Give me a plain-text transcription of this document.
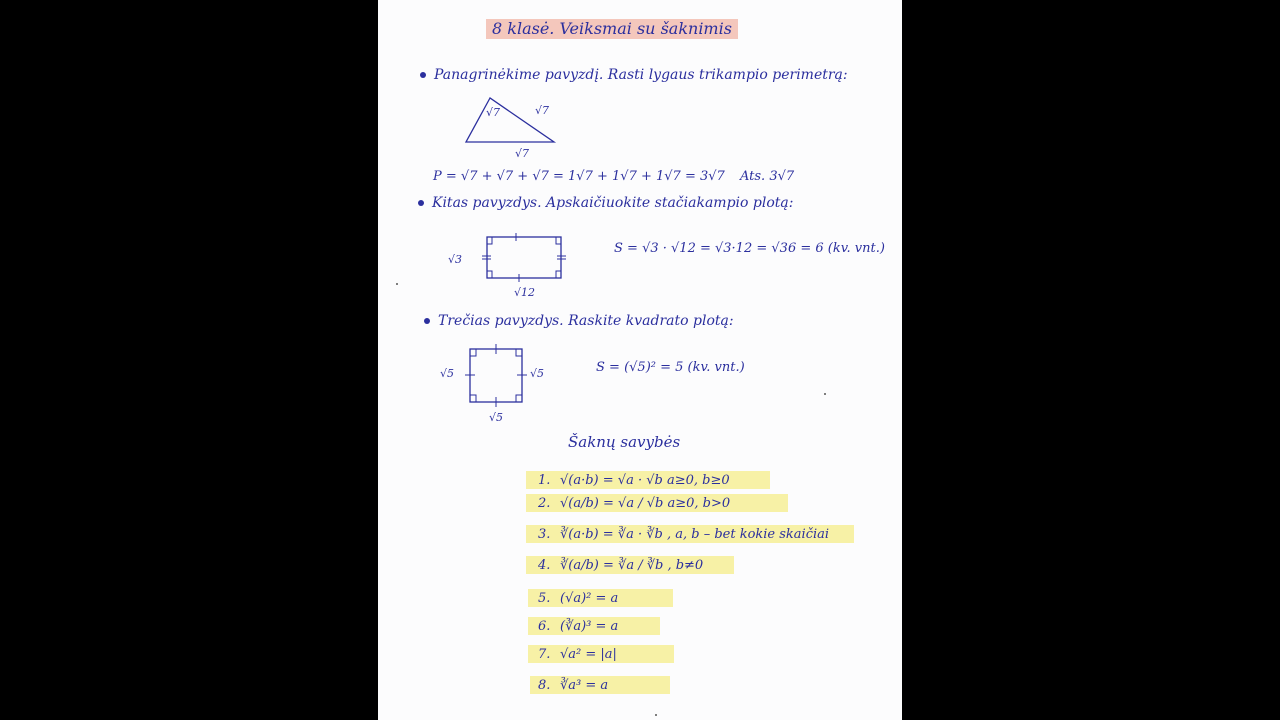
8 klasė. Veiksmai su šaknimis
Panagrinėkime pavyzdį. Rasti lygaus trikampio perimetrą:
√7	√7
√7
P = √7 + √7 + √7 = 1√7 + 1√7 + 1√7 = 3√7 Ats. 3√7
Kitas pavyzdys. Apskaičiuokite stačiakampio plotą:
√3
√12
S = √3 · √12 = √3·12 = √36 = 6 (kv. vnt.)
Trečias pavyzdys. Raskite kvadrato plotą:
√5	√5
√5
S = (√5)² = 5 (kv. vnt.)
Šaknų savybės
1. √(a·b) = √a · √b a≥0, b≥0
2. √(a/b) = √a / √b a≥0, b>0
3. ∛(a·b) = ∛a · ∛b , a, b – bet kokie skaičiai
4. ∛(a/b) = ∛a / ∛b , b≠0
5. (√a)² = a
6. (∛a)³ = a
7. √a² = |a|
8. ∛a³ = a
